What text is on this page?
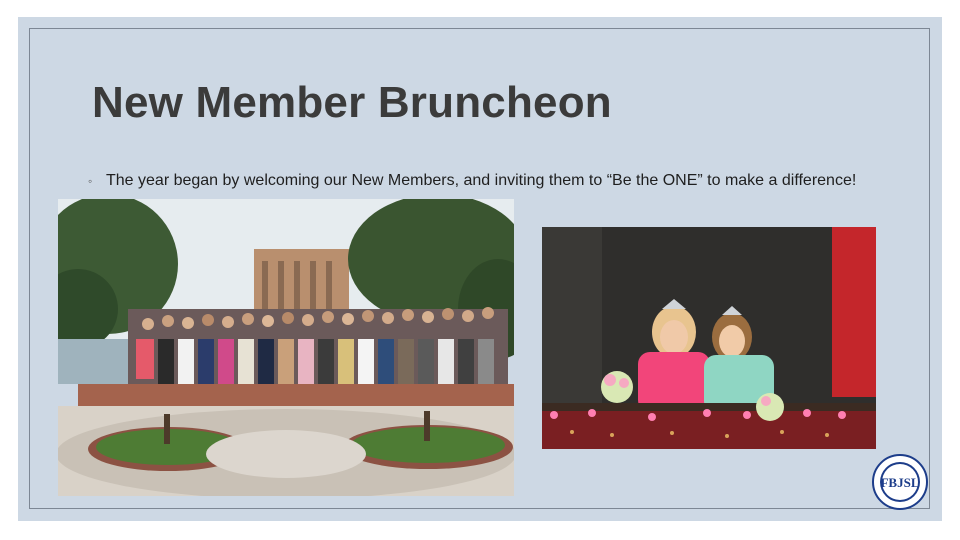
New Member Bruncheon
◦ The year began by welcoming our New Members, and inviting them to “Be the ONE” to make a difference!
FBJSL
